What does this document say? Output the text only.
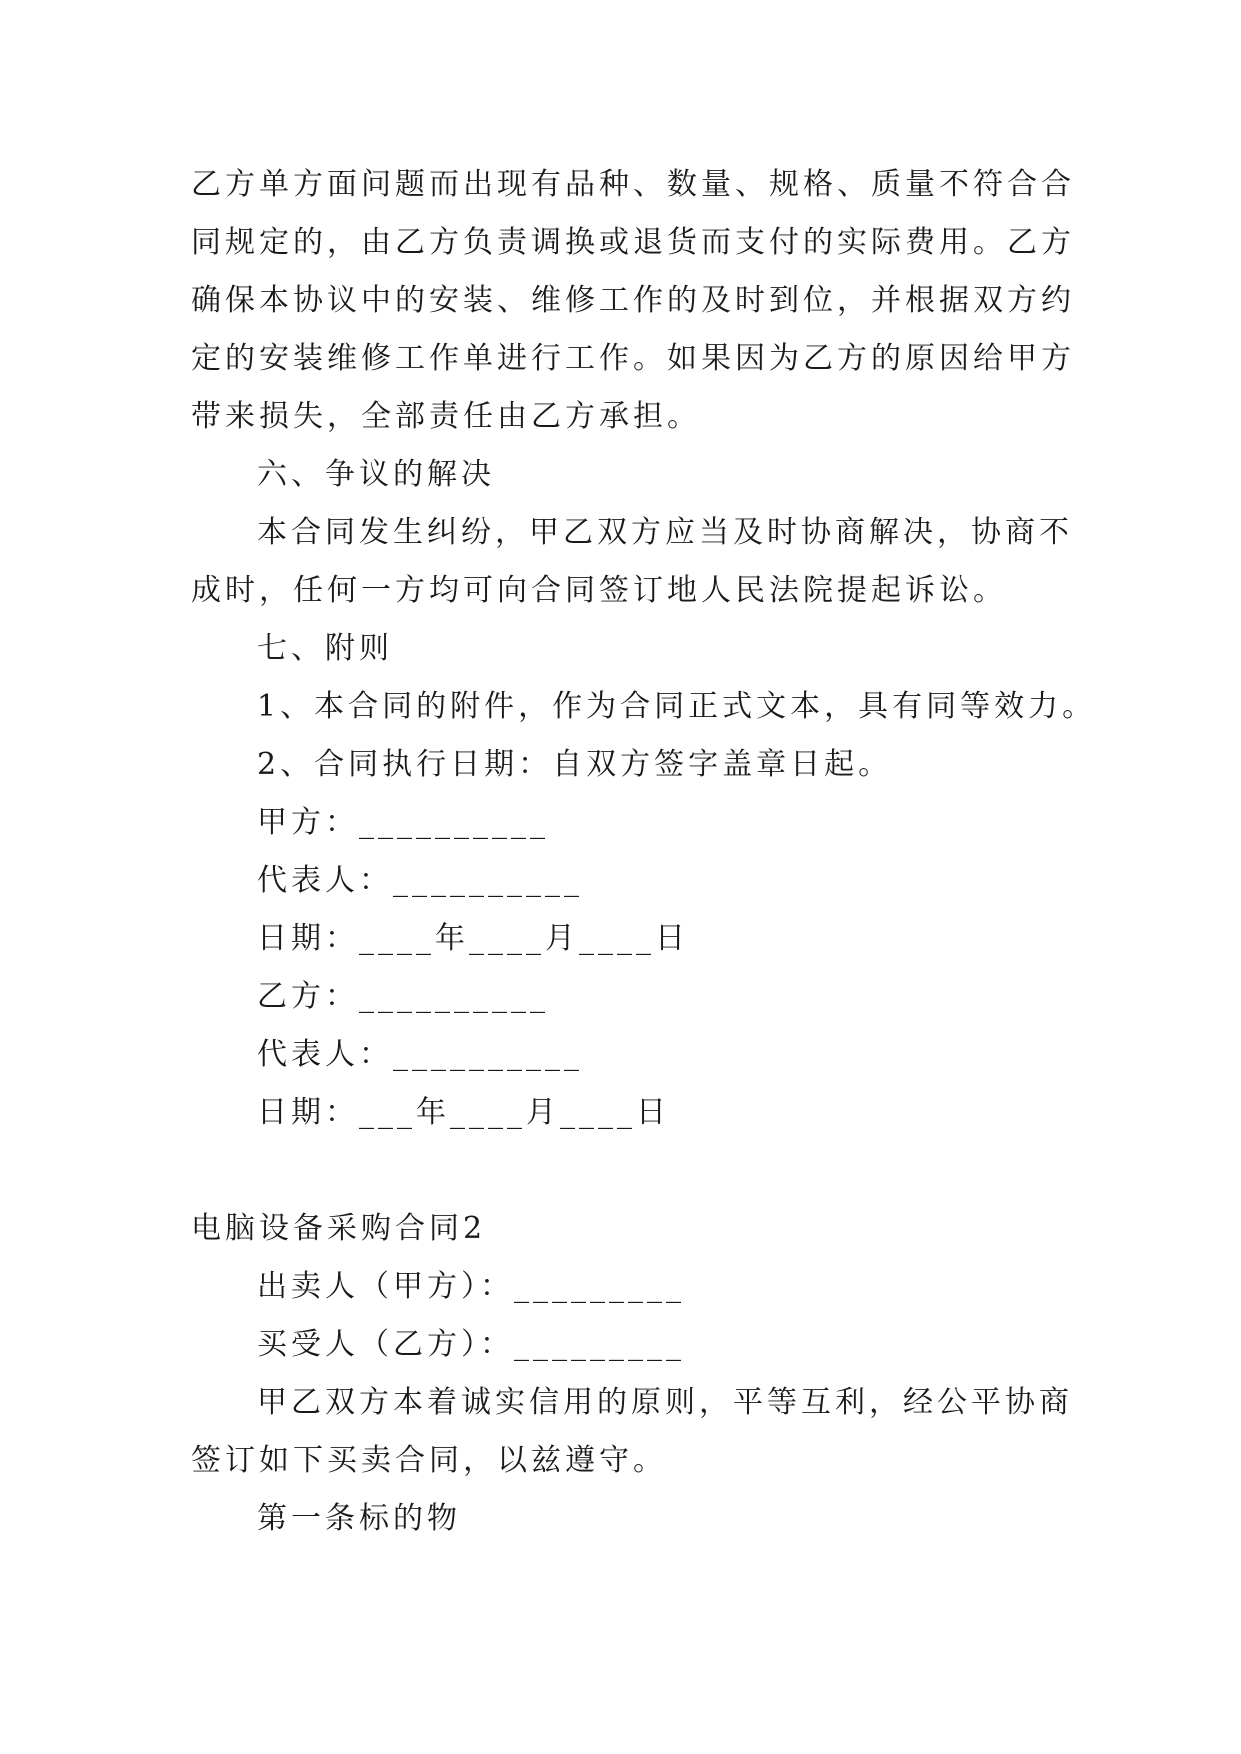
乙方单方面问题而出现有品种、数量、规格、质量不符合合
同规定的，由乙方负责调换或退货而支付的实际费用。乙方
确保本协议中的安装、维修工作的及时到位，并根据双方约
定的安装维修工作单进行工作。如果因为乙方的原因给甲方
带来损失，全部责任由乙方承担。
六、争议的解决
本合同发生纠纷，甲乙双方应当及时协商解决，协商不
成时，任何一方均可向合同签订地人民法院提起诉讼。
七、附则
1、本合同的附件，作为合同正式文本，具有同等效力。
2、合同执行日期：自双方签字盖章日起。
甲方：__________
代表人：__________
日期：____年____月____日
乙方：__________
代表人：__________
日期：___年____月____日
电脑设备采购合同2
出卖人（甲方）：_________
买受人（乙方）：_________
甲乙双方本着诚实信用的原则，平等互利，经公平协商
签订如下买卖合同，以兹遵守。
第一条标的物
